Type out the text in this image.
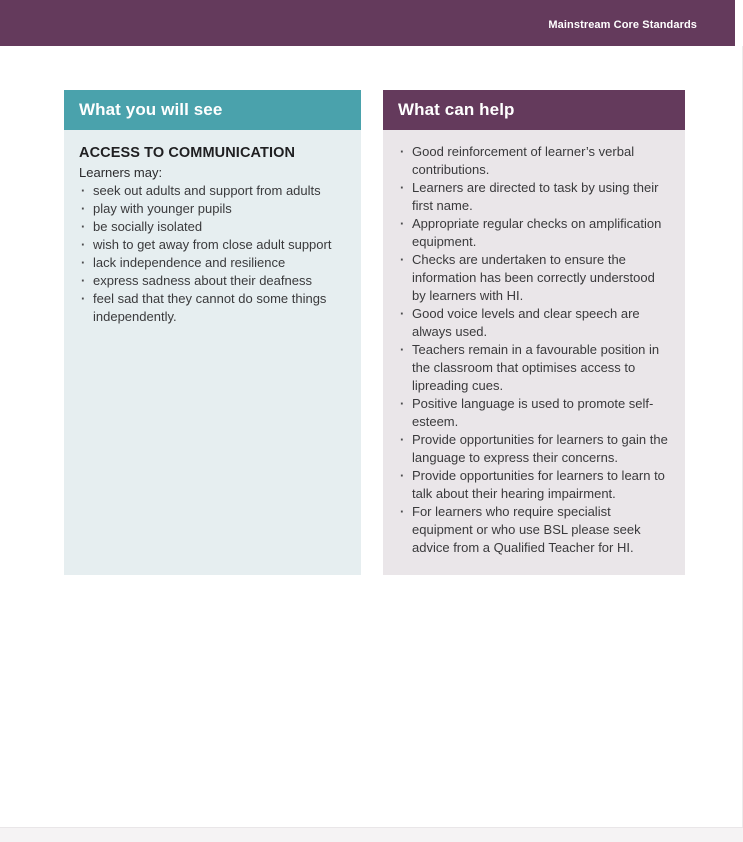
Mainstream Core Standards
What you will see
ACCESS TO COMMUNICATION

Learners may:

· seek out adults and support from adults
· play with younger pupils
· be socially isolated
· wish to get away from close adult support
· lack independence and resilience
· express sadness about their deafness
· feel sad that they cannot do some things independently.
What can help
· Good reinforcement of learner’s verbal contributions.
· Learners are directed to task by using their first name.
· Appropriate regular checks on amplification equipment.
· Checks are undertaken to ensure the information has been correctly understood by learners with HI.
· Good voice levels and clear speech are always used.
· Teachers remain in a favourable position in the classroom that optimises access to lipreading cues.
· Positive language is used to promote self-esteem.
· Provide opportunities for learners to gain the language to express their concerns.
· Provide opportunities for learners to learn to talk about their hearing impairment.
· For learners who require specialist equipment or who use BSL please seek advice from a Qualified Teacher for HI.
